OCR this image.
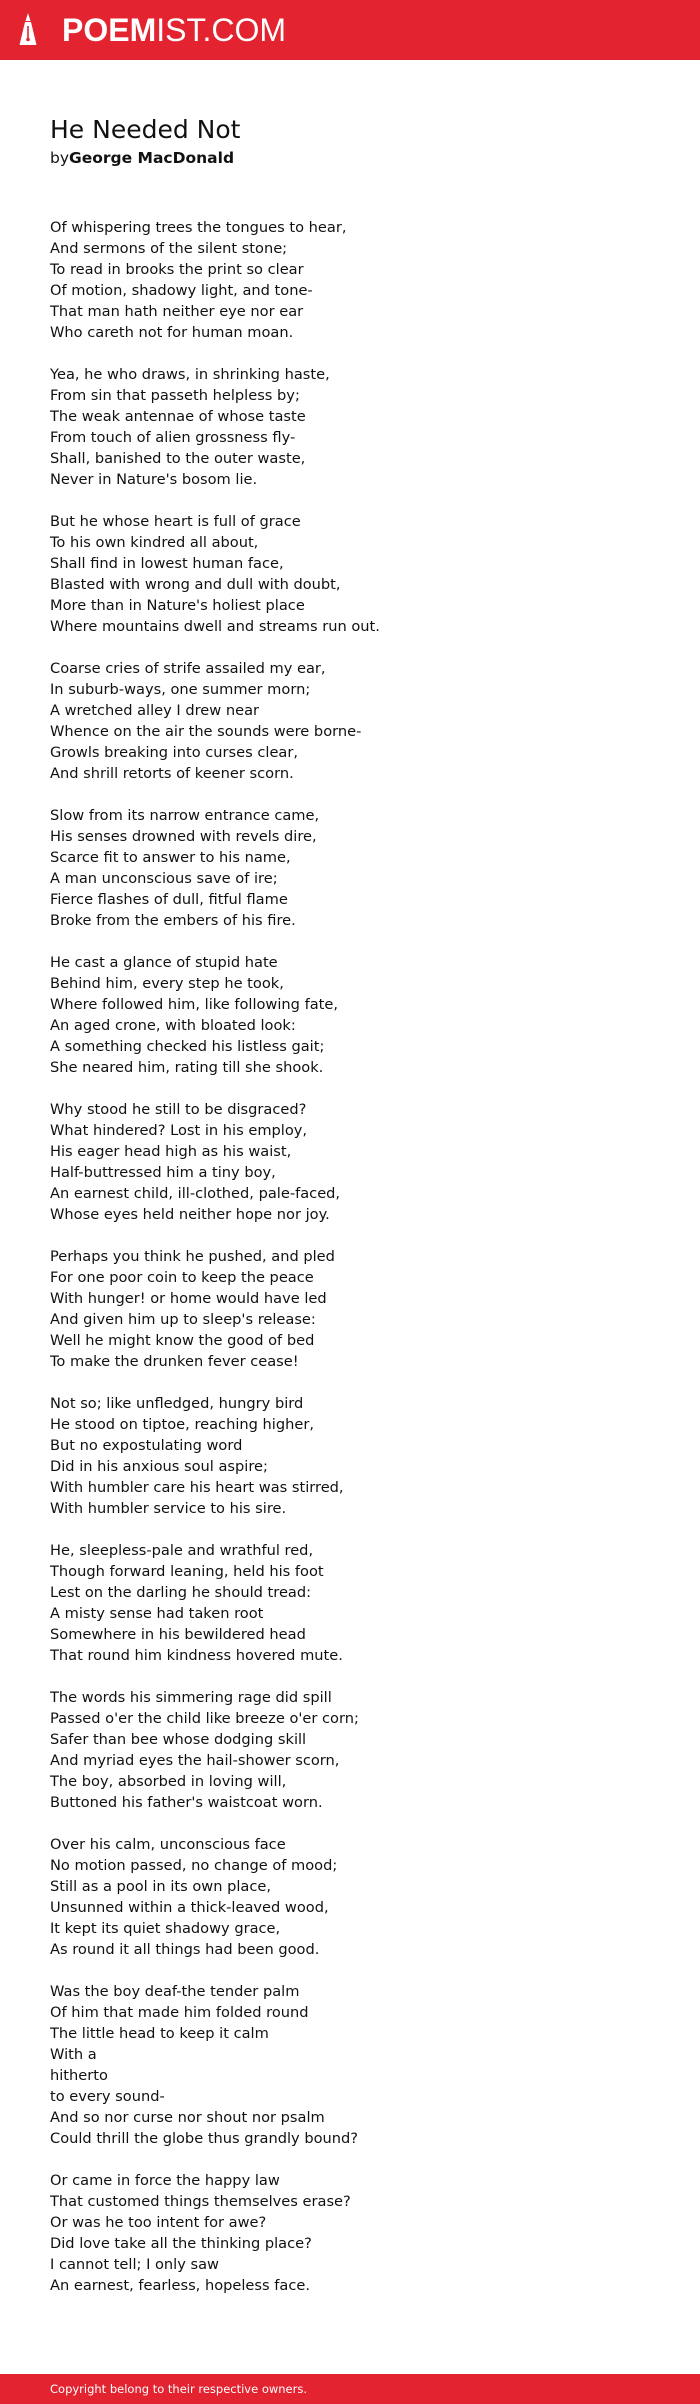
POEMIST.COM
He Needed Not
byGeorge MacDonald
Of whispering trees the tongues to hear,
And sermons of the silent stone;
To read in brooks the print so clear
Of motion, shadowy light, and tone-
That man hath neither eye nor ear
Who careth not for human moan.
Yea, he who draws, in shrinking haste,
From sin that passeth helpless by;
The weak antennae of whose taste
From touch of alien grossness fly-
Shall, banished to the outer waste,
Never in Nature's bosom lie.
But he whose heart is full of grace
To his own kindred all about,
Shall find in lowest human face,
Blasted with wrong and dull with doubt,
More than in Nature's holiest place
Where mountains dwell and streams run out.
Coarse cries of strife assailed my ear,
In suburb-ways, one summer morn;
A wretched alley I drew near
Whence on the air the sounds were borne-
Growls breaking into curses clear,
And shrill retorts of keener scorn.
Slow from its narrow entrance came,
His senses drowned with revels dire,
Scarce fit to answer to his name,
A man unconscious save of ire;
Fierce flashes of dull, fitful flame
Broke from the embers of his fire.
He cast a glance of stupid hate
Behind him, every step he took,
Where followed him, like following fate,
An aged crone, with bloated look:
A something checked his listless gait;
She neared him, rating till she shook.
Why stood he still to be disgraced?
What hindered? Lost in his employ,
His eager head high as his waist,
Half-buttressed him a tiny boy,
An earnest child, ill-clothed, pale-faced,
Whose eyes held neither hope nor joy.
Perhaps you think he pushed, and pled
For one poor coin to keep the peace
With hunger! or home would have led
And given him up to sleep's release:
Well he might know the good of bed
To make the drunken fever cease!
Not so; like unfledged, hungry bird
He stood on tiptoe, reaching higher,
But no expostulating word
Did in his anxious soul aspire;
With humbler care his heart was stirred,
With humbler service to his sire.
He, sleepless-pale and wrathful red,
Though forward leaning, held his foot
Lest on the darling he should tread:
A misty sense had taken root
Somewhere in his bewildered head
That round him kindness hovered mute.
The words his simmering rage did spill
Passed o'er the child like breeze o'er corn;
Safer than bee whose dodging skill
And myriad eyes the hail-shower scorn,
The boy, absorbed in loving will,
Buttoned his father's waistcoat worn.
Over his calm, unconscious face
No motion passed, no change of mood;
Still as a pool in its own place,
Unsunned within a thick-leaved wood,
It kept its quiet shadowy grace,
As round it all things had been good.
Was the boy deaf-the tender palm
Of him that made him folded round
The little head to keep it calm
With a
hitherto
to every sound-
And so nor curse nor shout nor psalm
Could thrill the globe thus grandly bound?
Or came in force the happy law
That customed things themselves erase?
Or was he too intent for awe?
Did love take all the thinking place?
I cannot tell; I only saw
An earnest, fearless, hopeless face.
Copyright belong to their respective owners.
